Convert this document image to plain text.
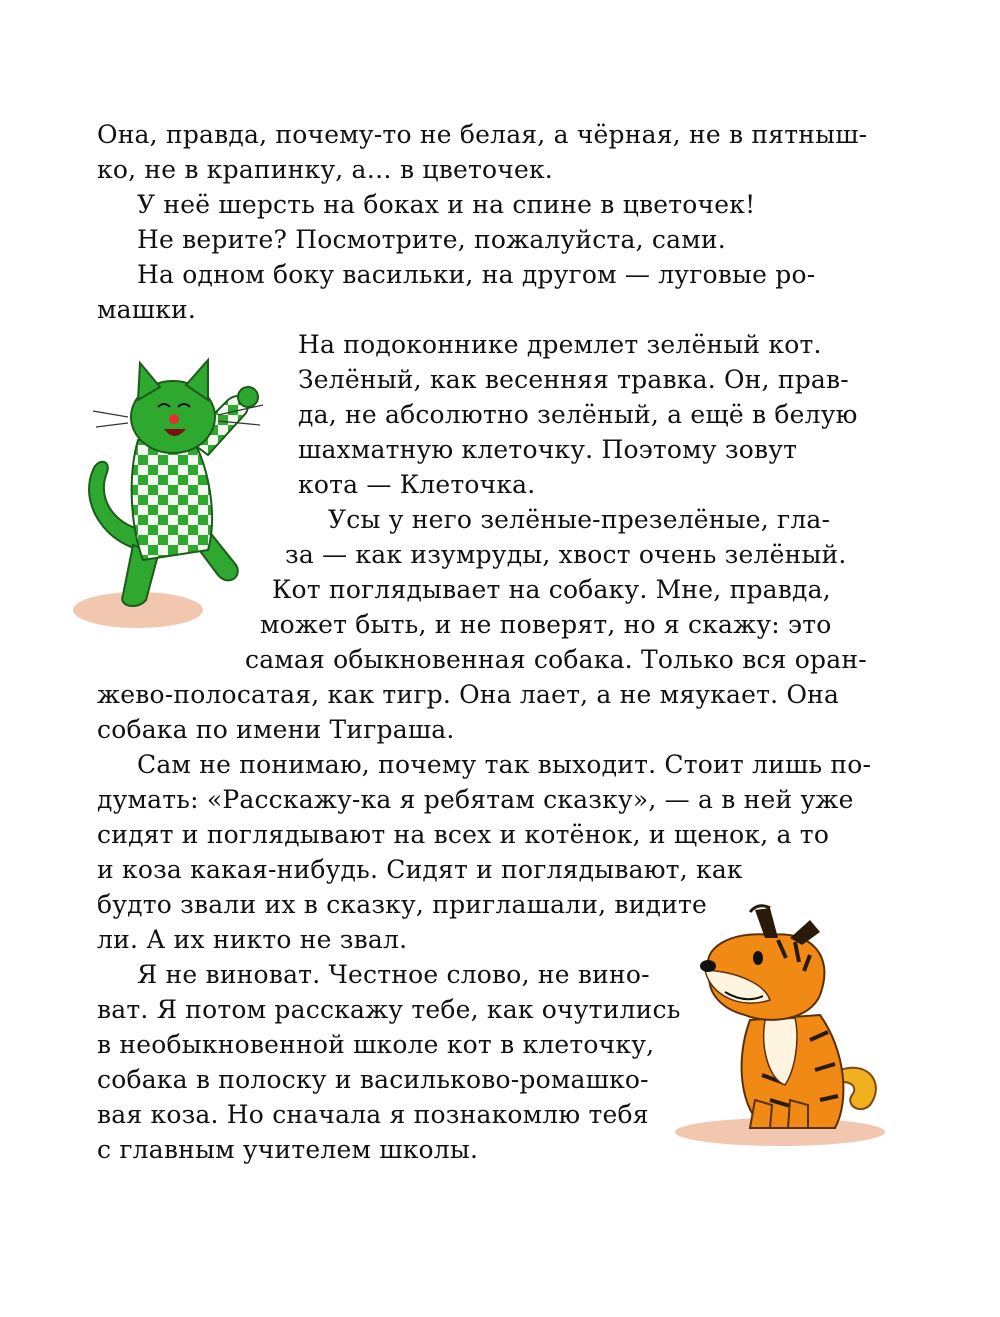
Она, правда, почему-то не белая, а чёрная, не в пятныш-
ко, не в крапинку, а… в цветочек.
У неё шерсть на боках и на спине в цветочек!
Не верите? Посмотрите, пожалуйста, сами.
На одном боку васильки, на другом — луговые ро-
машки.
На подоконнике дремлет зелёный кот.
Зелёный, как весенняя травка. Он, прав-
да, не абсолютно зелёный, а ещё в белую
шахматную клеточку. Поэтому зовут
кота — Клеточка.
Усы у него зелёные-презелёные, гла-
за — как изумруды, хвост очень зелёный.
Кот поглядывает на собаку. Мне, правда,
может быть, и не поверят, но я скажу: это
самая обыкновенная собака. Только вся оран-
жево-полосатая, как тигр. Она лает, а не мяукает. Она
собака по имени Тиграша.
Сам не понимаю, почему так выходит. Стоит лишь по-
думать: «Расскажу-ка я ребятам сказку», — а в ней уже
сидят и поглядывают на всех и котёнок, и щенок, а то
и коза какая-нибудь. Сидят и поглядывают, как
будто звали их в сказку, приглашали, видите
ли. А их никто не звал.
Я не виноват. Честное слово, не вино-
ват. Я потом расскажу тебе, как очутились
в необыкновенной школе кот в клеточку,
собака в полоску и васильково-ромашко-
вая коза. Но сначала я познакомлю тебя
с главным учителем школы.
